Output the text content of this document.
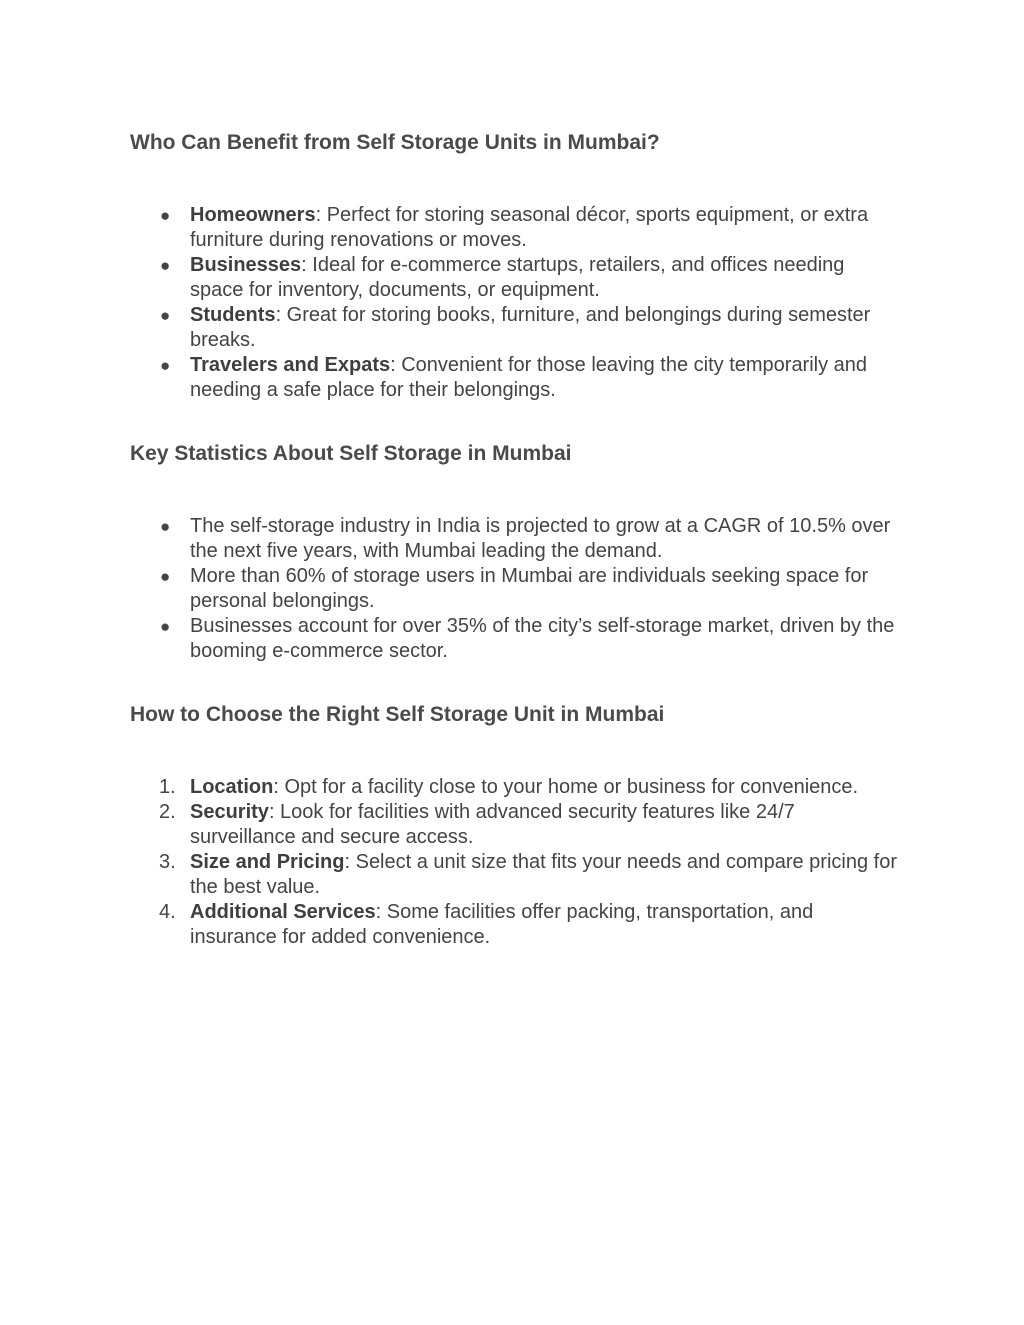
Who Can Benefit from Self Storage Units in Mumbai?
● Homeowners: Perfect for storing seasonal décor, sports equipment, or extra furniture during renovations or moves.
● Businesses: Ideal for e-commerce startups, retailers, and offices needing space for inventory, documents, or equipment.
● Students: Great for storing books, furniture, and belongings during semester breaks.
● Travelers and Expats: Convenient for those leaving the city temporarily and needing a safe place for their belongings.
Key Statistics About Self Storage in Mumbai
● The self-storage industry in India is projected to grow at a CAGR of 10.5% over the next five years, with Mumbai leading the demand.
● More than 60% of storage users in Mumbai are individuals seeking space for personal belongings.
● Businesses account for over 35% of the city’s self-storage market, driven by the booming e-commerce sector.
How to Choose the Right Self Storage Unit in Mumbai
1. Location: Opt for a facility close to your home or business for convenience.
2. Security: Look for facilities with advanced security features like 24/7 surveillance and secure access.
3. Size and Pricing: Select a unit size that fits your needs and compare pricing for the best value.
4. Additional Services: Some facilities offer packing, transportation, and insurance for added convenience.
